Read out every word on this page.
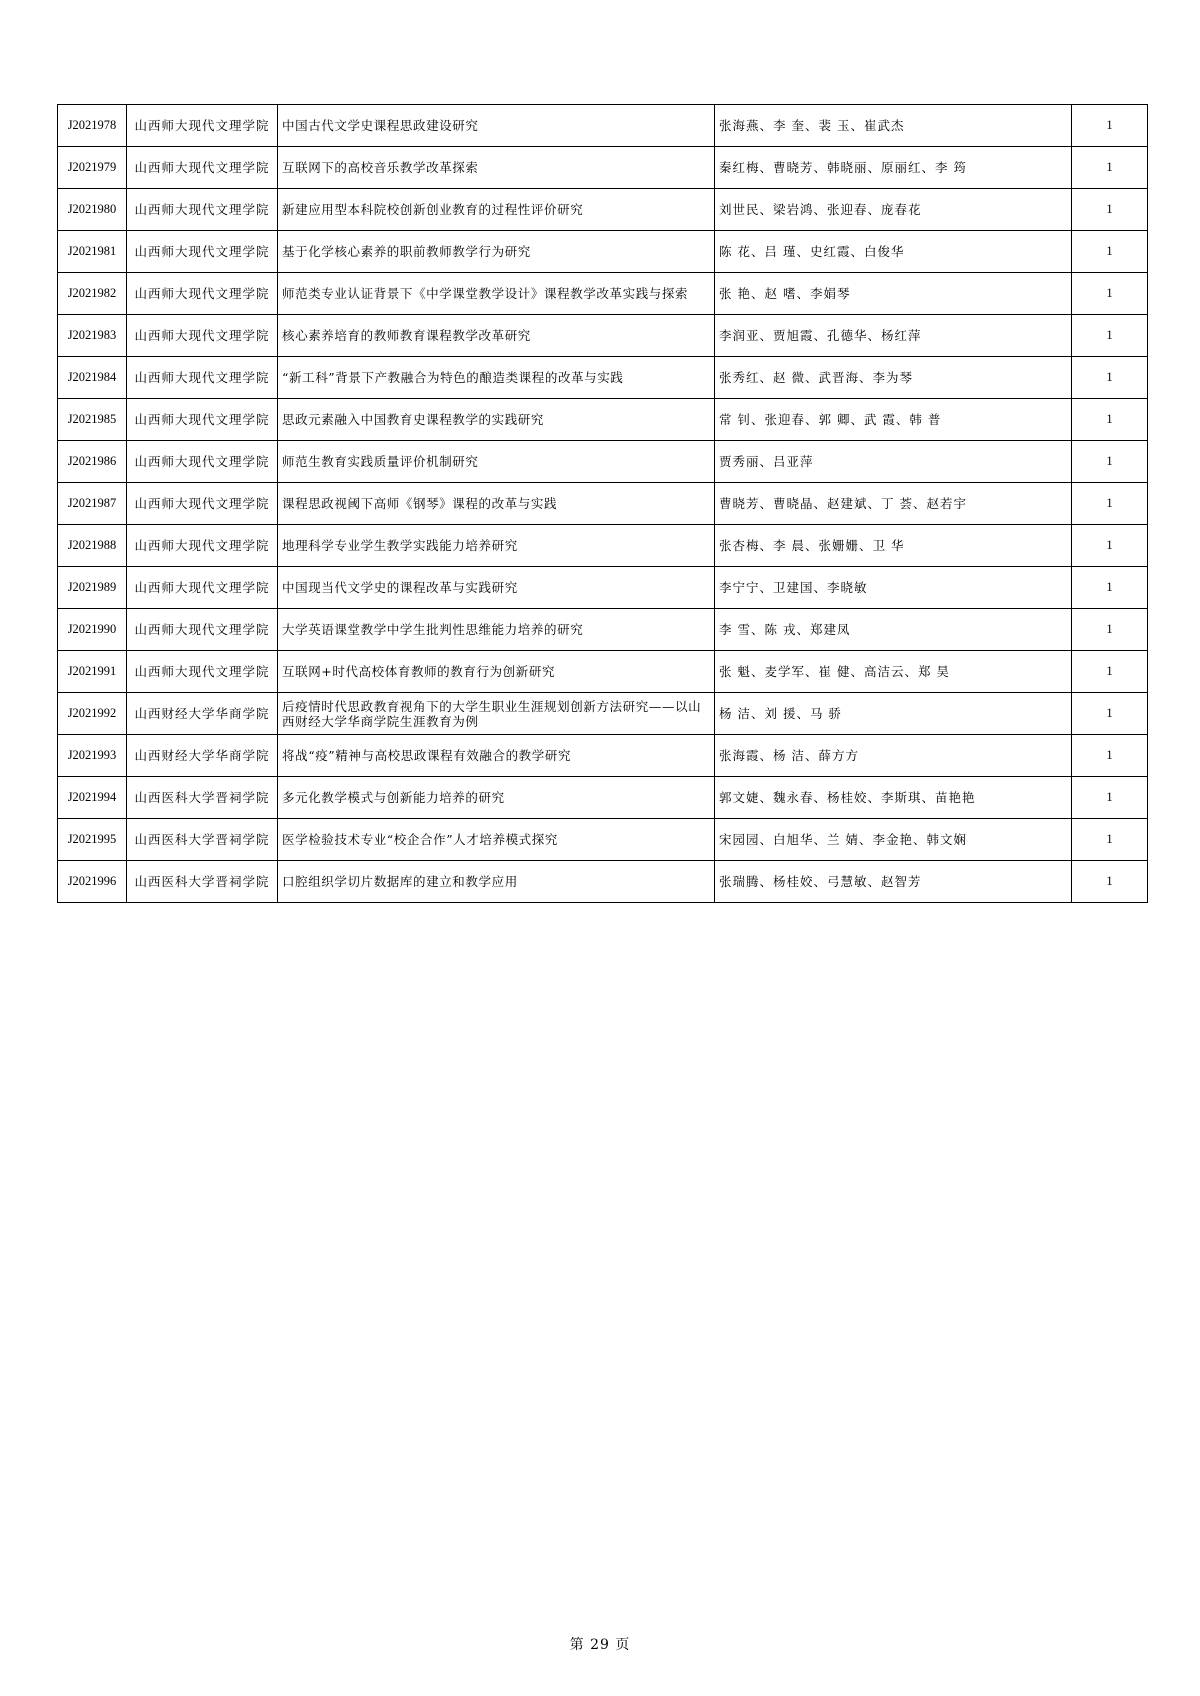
J2021978	山西师大现代文理学院	中国古代文学史课程思政建设研究	张海燕、李 奎、裴 玉、崔武杰	1
J2021979	山西师大现代文理学院	互联网下的高校音乐教学改革探索	秦红梅、曹晓芳、韩晓丽、原丽红、李 筠	1
J2021980	山西师大现代文理学院	新建应用型本科院校创新创业教育的过程性评价研究	刘世民、梁岩鸿、张迎春、庞春花	1
J2021981	山西师大现代文理学院	基于化学核心素养的职前教师教学行为研究	陈 花、吕 瑾、史红霞、白俊华	1
J2021982	山西师大现代文理学院	师范类专业认证背景下《中学课堂教学设计》课程教学改革实践与探索	张 艳、赵 嗜、李娟琴	1
J2021983	山西师大现代文理学院	核心素养培育的教师教育课程教学改革研究	李润亚、贾旭霞、孔德华、杨红萍	1
J2021984	山西师大现代文理学院	“新工科”背景下产教融合为特色的酿造类课程的改革与实践	张秀红、赵 微、武晋海、李为琴	1
J2021985	山西师大现代文理学院	思政元素融入中国教育史课程教学的实践研究	常 钊、张迎春、郭 卿、武 霞、韩 普	1
J2021986	山西师大现代文理学院	师范生教育实践质量评价机制研究	贾秀丽、吕亚萍	1
J2021987	山西师大现代文理学院	课程思政视阈下高师《钢琴》课程的改革与实践	曹晓芳、曹晓晶、赵建斌、丁 荟、赵若宇	1
J2021988	山西师大现代文理学院	地理科学专业学生教学实践能力培养研究	张杏梅、李 晨、张姗姗、卫 华	1
J2021989	山西师大现代文理学院	中国现当代文学史的课程改革与实践研究	李宁宁、卫建国、李晓敏	1
J2021990	山西师大现代文理学院	大学英语课堂教学中学生批判性思维能力培养的研究	李 雪、陈 戎、郑建凤	1
J2021991	山西师大现代文理学院	互联网+时代高校体育教师的教育行为创新研究	张 魁、麦学军、崔 健、高洁云、郑 昊	1
J2021992	山西财经大学华商学院	后疫情时代思政教育视角下的大学生职业生涯规划创新方法研究——以山西财经大学华商学院生涯教育为例	杨 洁、刘 援、马 骄	1
J2021993	山西财经大学华商学院	将战“疫”精神与高校思政课程有效融合的教学研究	张海霞、杨 洁、薛方方	1
J2021994	山西医科大学晋祠学院	多元化教学模式与创新能力培养的研究	郭文婕、魏永春、杨桂姣、李斯琪、苗艳艳	1
J2021995	山西医科大学晋祠学院	医学检验技术专业“校企合作”人才培养模式探究	宋园园、白旭华、兰 婧、李金艳、韩文娴	1
J2021996	山西医科大学晋祠学院	口腔组织学切片数据库的建立和教学应用	张瑞腾、杨桂姣、弓慧敏、赵智芳	1
第 29 页
